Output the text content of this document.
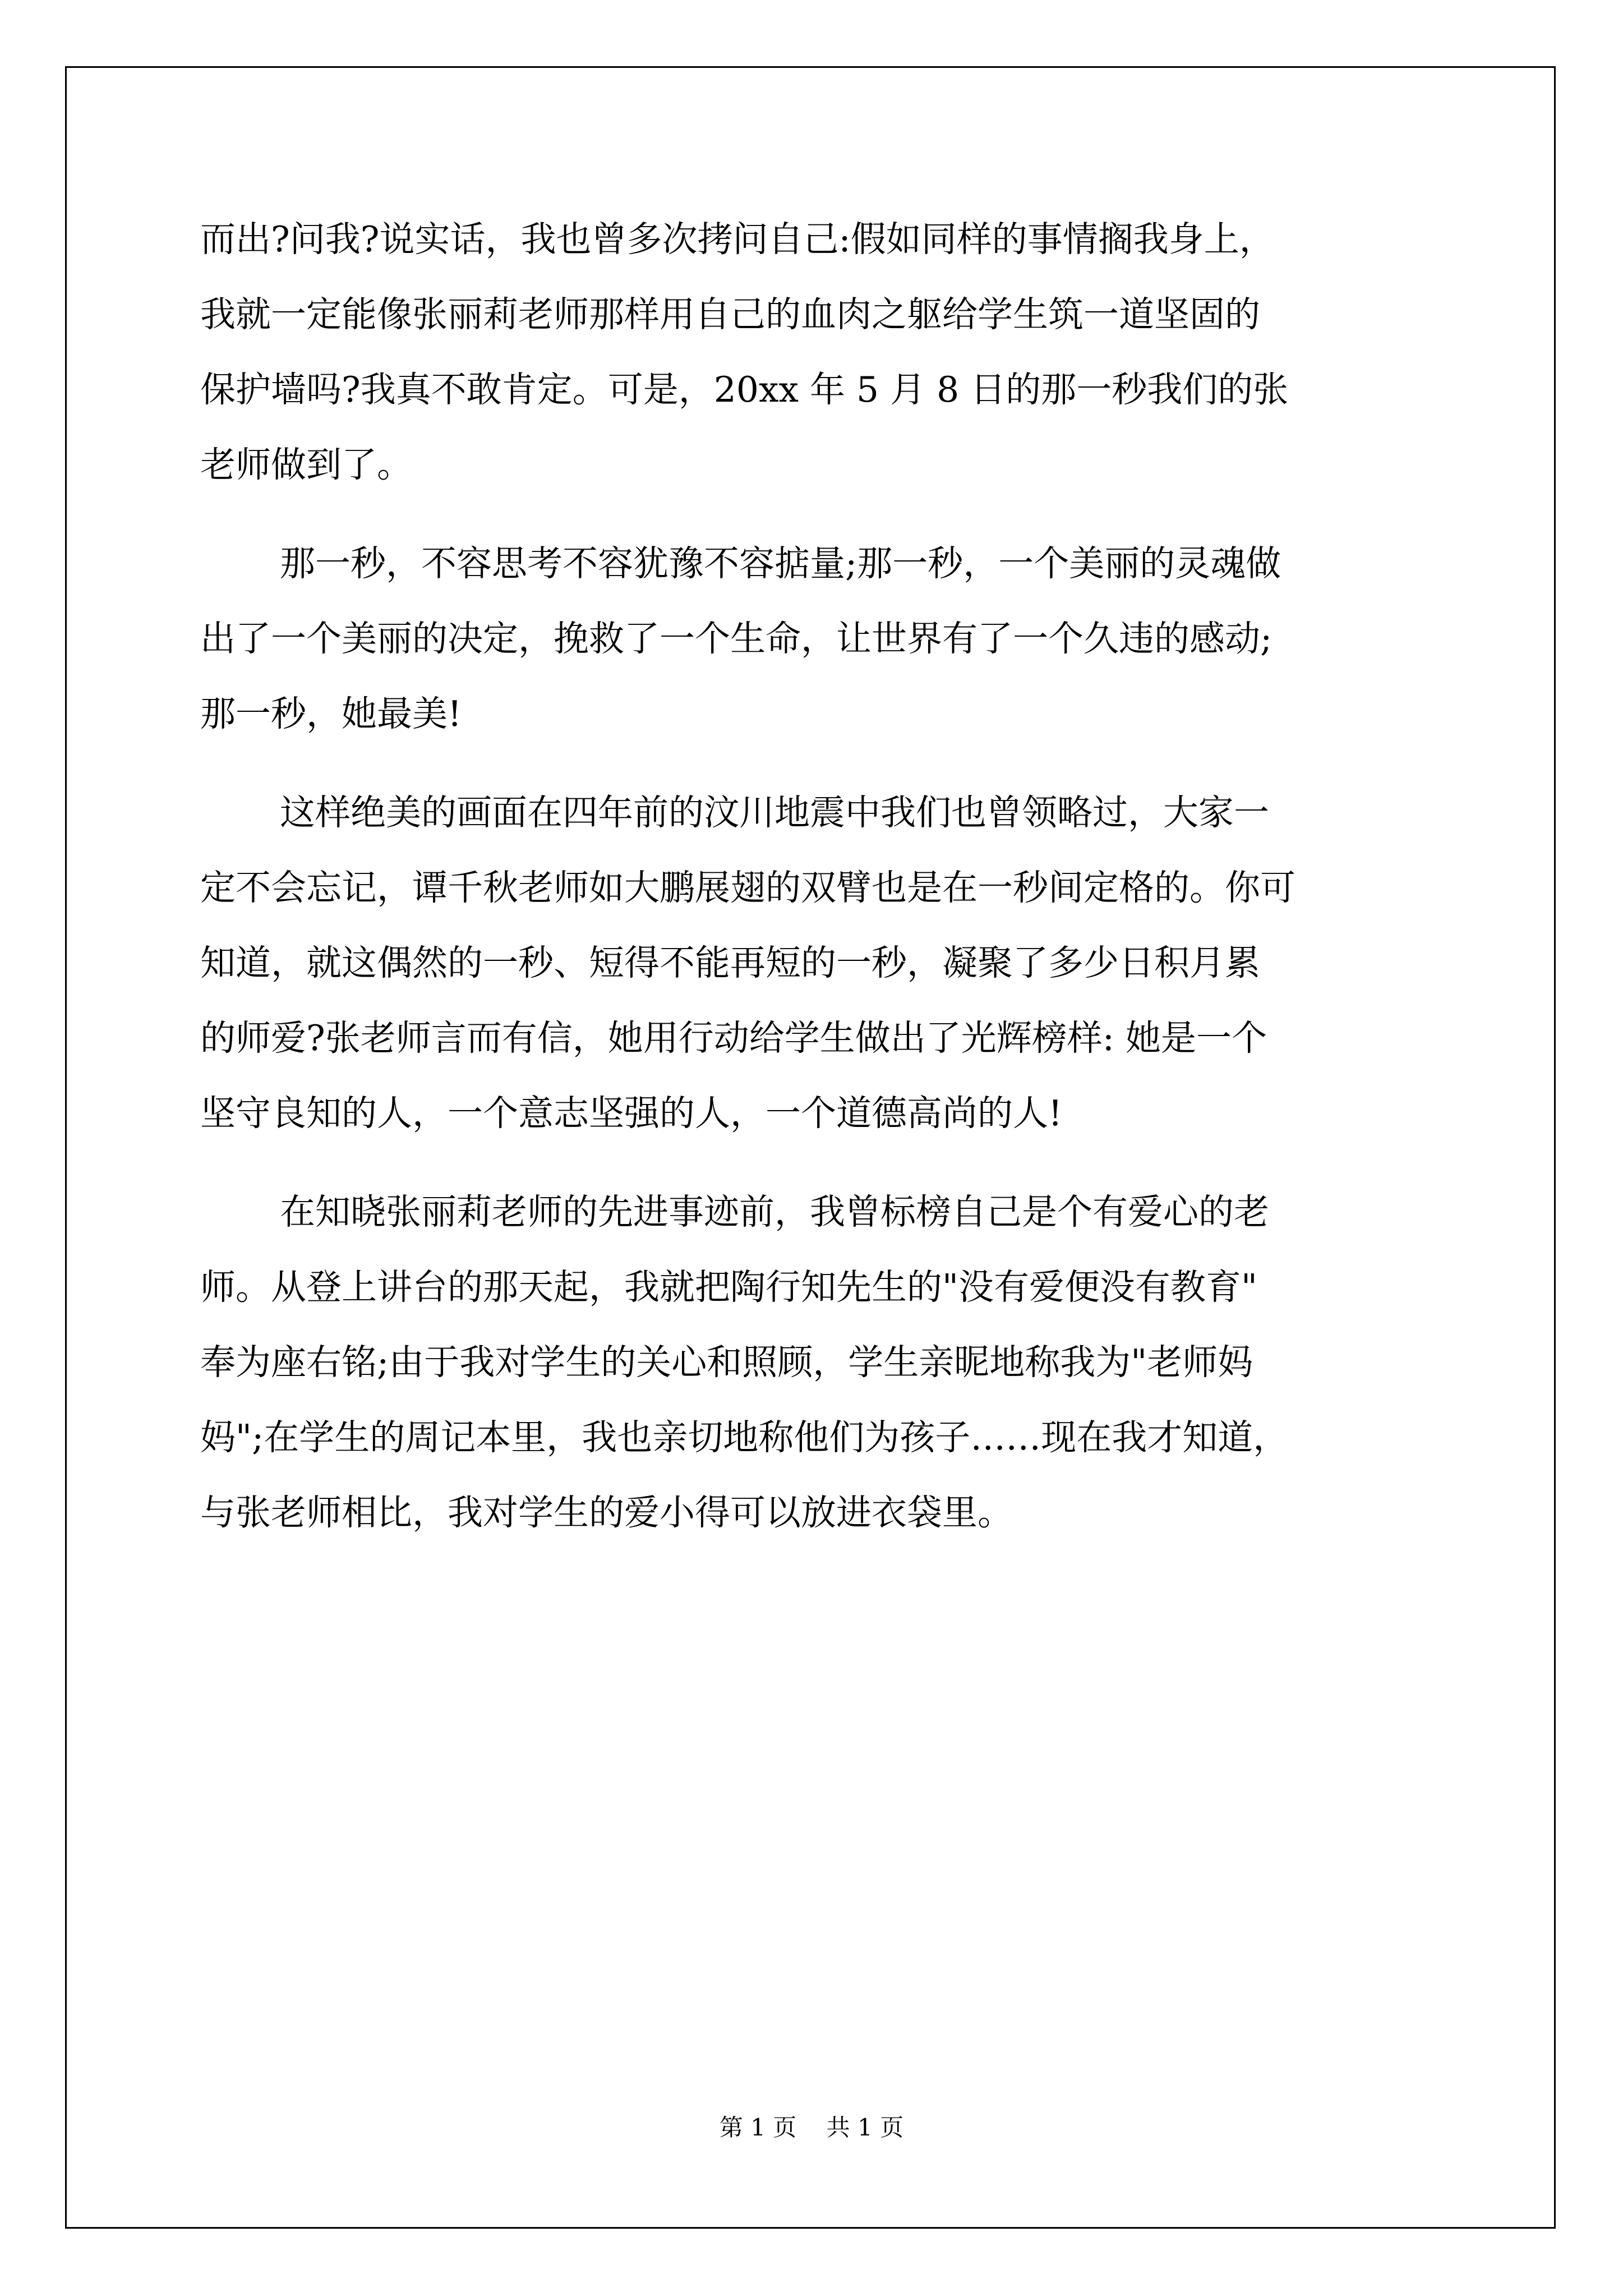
而出?问我?说实话，我也曾多次拷问自己:假如同样的事情搁我身上，
我就一定能像张丽莉老师那样用自己的血肉之躯给学生筑一道坚固的
保护墙吗?我真不敢肯定。可是，20xx 年 5 月 8 日的那一秒我们的张
老师做到了。
那一秒，不容思考不容犹豫不容掂量;那一秒，一个美丽的灵魂做
出了一个美丽的决定，挽救了一个生命，让世界有了一个久违的感动;
那一秒，她最美!
这样绝美的画面在四年前的汶川地震中我们也曾领略过，大家一
定不会忘记，谭千秋老师如大鹏展翅的双臂也是在一秒间定格的。你可
知道，就这偶然的一秒、短得不能再短的一秒，凝聚了多少日积月累
的师爱?张老师言而有信，她用行动给学生做出了光辉榜样: 她是一个
坚守良知的人，一个意志坚强的人，一个道德高尚的人!
在知晓张丽莉老师的先进事迹前，我曾标榜自己是个有爱心的老
师。从登上讲台的那天起，我就把陶行知先生的"没有爱便没有教育"
奉为座右铭;由于我对学生的关心和照顾，学生亲昵地称我为"老师妈
妈";在学生的周记本里，我也亲切地称他们为孩子……现在我才知道，
与张老师相比，我对学生的爱小得可以放进衣袋里。
第 1 页 共 1 页
